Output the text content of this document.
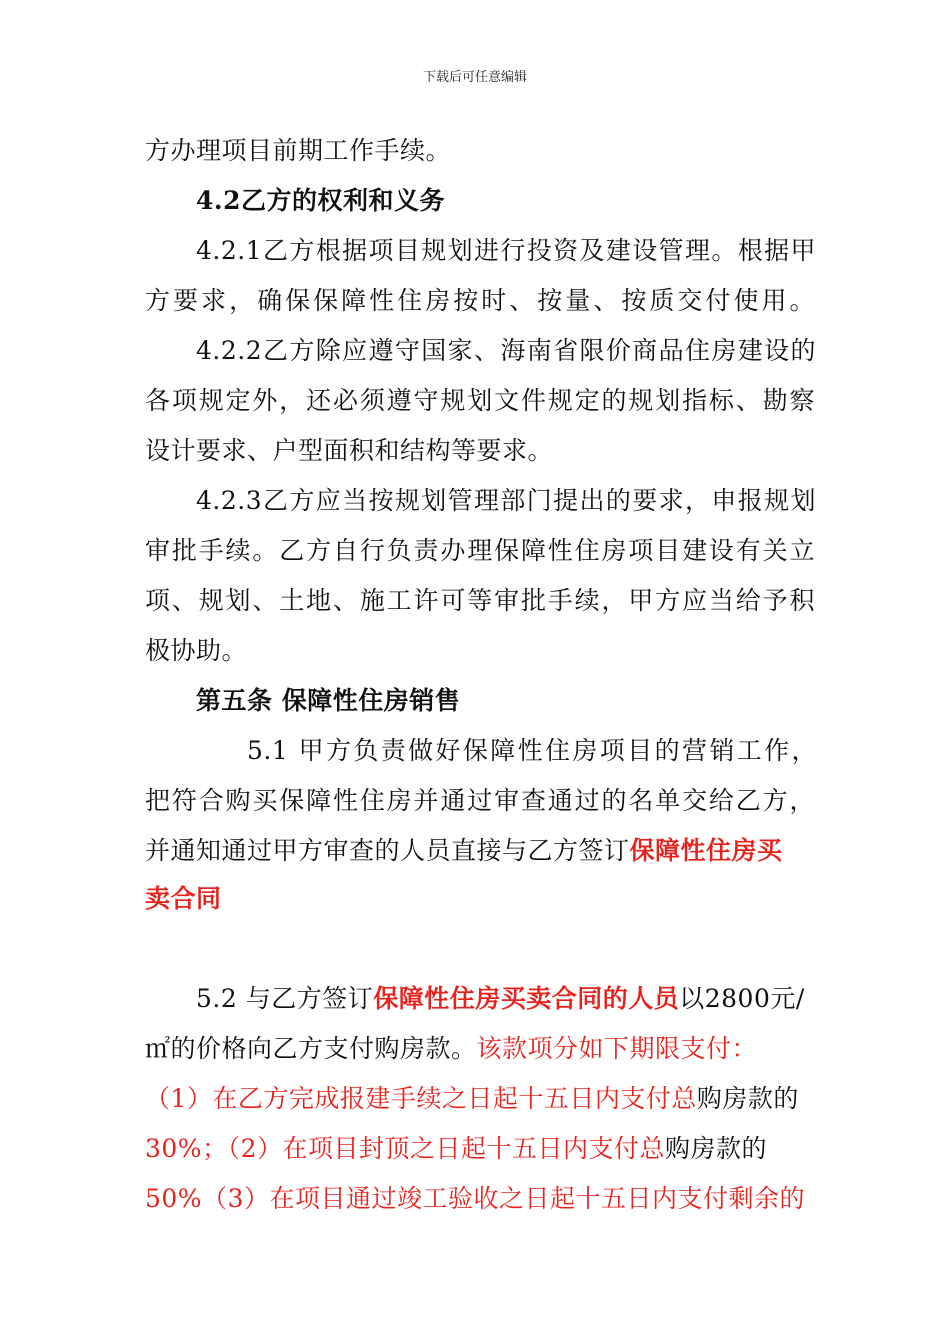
下载后可任意编辑
方办理项目前期工作手续。
4.2乙方的权利和义务
4.2.1乙方根据项目规划进行投资及建设管理。根据甲
方要求，确保保障性住房按时、按量、按质交付使用。
4.2.2乙方除应遵守国家、海南省限价商品住房建设的
各项规定外，还必须遵守规划文件规定的规划指标、勘察
设计要求、户型面积和结构等要求。
4.2.3乙方应当按规划管理部门提出的要求，申报规划
审批手续。乙方自行负责办理保障性住房项目建设有关立
项、规划、土地、施工许可等审批手续，甲方应当给予积
极协助。
第五条 保障性住房销售
5.1 甲方负责做好保障性住房项目的营销工作，
把符合购买保障性住房并通过审查通过的名单交给乙方，
并通知通过甲方审查的人员直接与乙方签订保障性住房买
卖合同
5.2 与乙方签订保障性住房买卖合同的人员以2800元/
㎡的价格向乙方支付购房款。该款项分如下期限支付：
（1）在乙方完成报建手续之日起十五日内支付总购房款的
30%；（2）在项目封顶之日起十五日内支付总购房款的
50%（3）在项目通过竣工验收之日起十五日内支付剩余的
